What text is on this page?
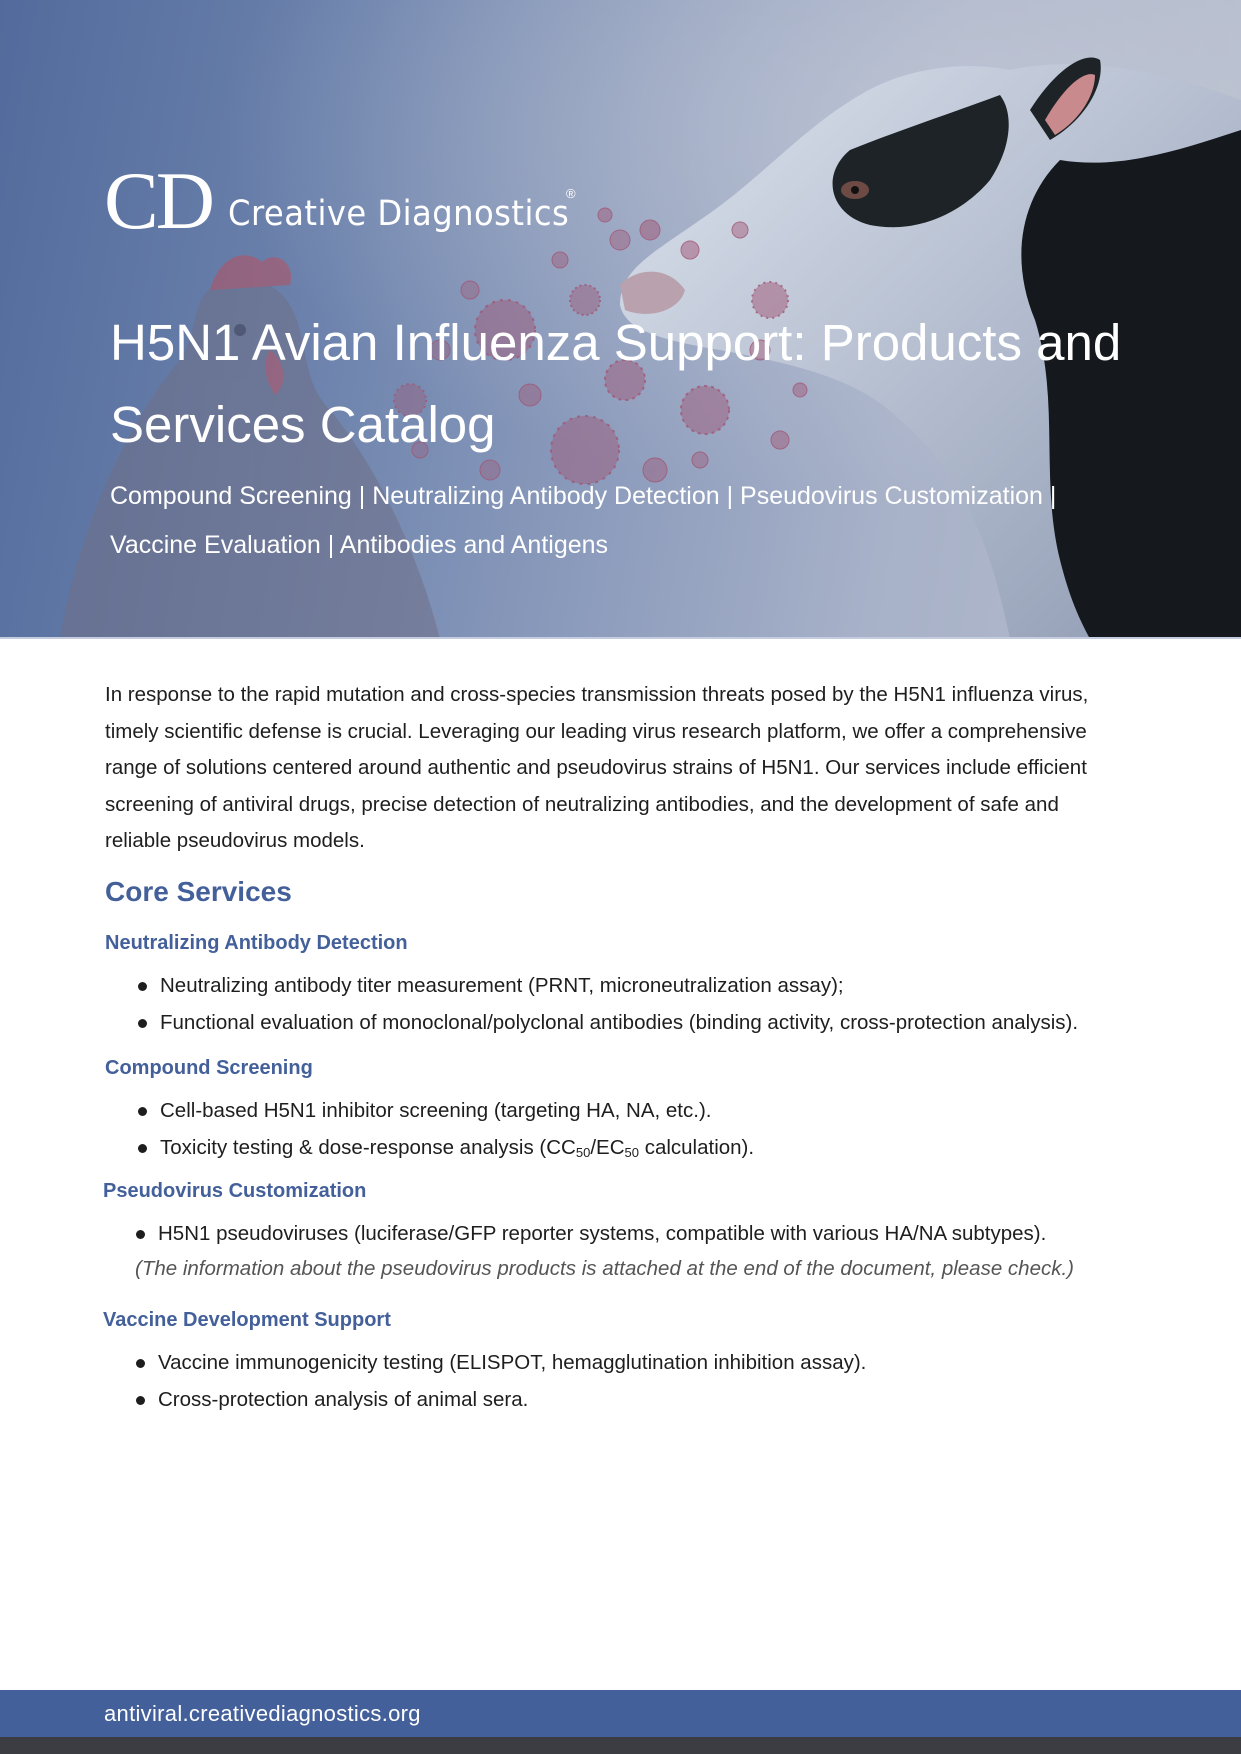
CD Creative Diagnostics
®
H5N1 Avian Influenza Support: Products and Services Catalog

Compound Screening | Neutralizing Antibody Detection | Pseudovirus Customization | Vaccine Evaluation | Antibodies and Antigens

In response to the rapid mutation and cross-species transmission threats posed by the H5N1 influenza virus, timely scientific defense is crucial. Leveraging our leading virus research platform, we offer a comprehensive range of solutions centered around authentic and pseudovirus strains of H5N1. Our services include efficient screening of antiviral drugs, precise detection of neutralizing antibodies, and the development of safe and reliable pseudovirus models.

Core Services
Neutralizing Antibody Detection
Neutralizing antibody titer measurement (PRNT, microneutralization assay);
Functional evaluation of monoclonal/polyclonal antibodies (binding activity, cross-protection analysis).
Compound Screening
Cell-based H5N1 inhibitor screening (targeting HA, NA, etc.).
Toxicity testing & dose-response analysis ($CC_{50}/EC_{50}$ calculation).
Pseudovirus Customization
H5N1 pseudoviruses (luciferase/GFP reporter systems, compatible with various HA/NA subtypes).

(The information about the pseudovirus products is attached at the end of the document, please check.)

Vaccine Development Support
Vaccine immunogenicity testing (ELISPOT, hemagglutination inhibition assay).
Cross-protection analysis of animal sera.
antiviral.creativediagnostics.org
